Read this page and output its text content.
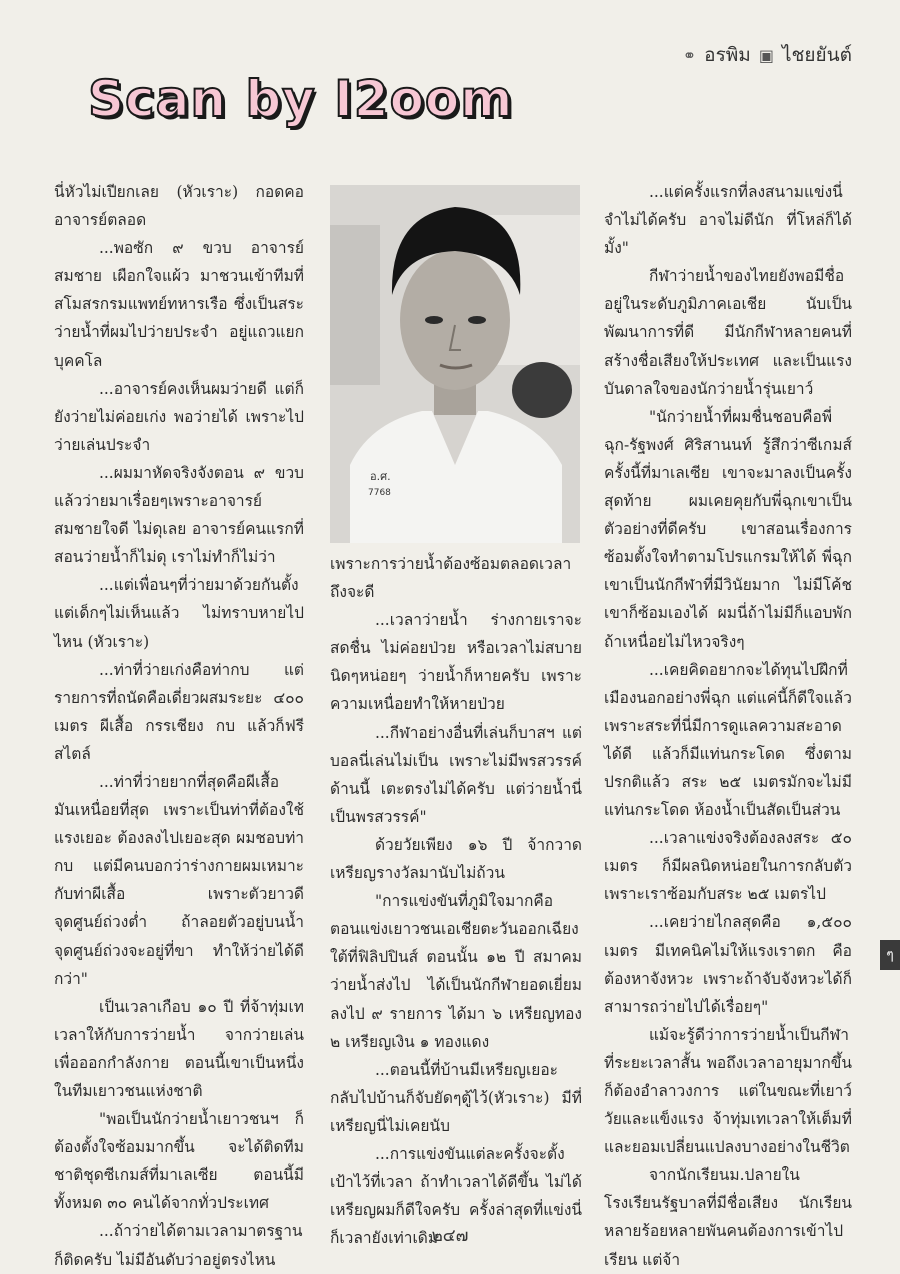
⚭ อรพิม ▣ ไชยยันต์
Scan by I2oom

นี่หัวไม่เปียกเลย (หัวเราะ) กอดคออาจารย์ตลอด

...พอซัก ๙ ขวบ อาจารย์สมชาย เผือกใจแผ้ว มาชวนเข้าทีมที่สโมสรกรมแพทย์ทหารเรือ ซึ่งเป็นสระว่ายน้ำที่ผมไปว่ายประจำ อยู่แถวแยกบุคคโล

...อาจารย์คงเห็นผมว่ายดี แต่ก็ยังว่ายไม่ค่อยเก่ง พอว่ายได้ เพราะไปว่ายเล่นประจำ

...ผมมาหัดจริงจังตอน ๙ ขวบ แล้วว่ายมาเรื่อยๆเพราะอาจารย์สมชายใจดี ไม่ดุเลย อาจารย์คนแรกที่สอนว่ายน้ำก็ไม่ดุ เราไม่ทำก็ไม่ว่า

...แต่เพื่อนๆที่ว่ายมาด้วยกันตั้งแต่เด็กๆไม่เห็นแล้ว ไม่ทราบหายไปไหน (หัวเราะ)

...ท่าที่ว่ายเก่งคือท่ากบ แต่รายการที่ถนัดคือเดี่ยวผสมระยะ ๔๐๐ เมตร ผีเสื้อ กรรเชียง กบ แล้วก็ฟรีสไตล์

...ท่าที่ว่ายยากที่สุดคือผีเสื้อ มันเหนื่อยที่สุด เพราะเป็นท่าที่ต้องใช้แรงเยอะ ต้องลงไปเยอะสุด ผมชอบท่ากบ แต่มีคนบอกว่าร่างกายผมเหมาะกับท่าผีเสื้อ เพราะตัวยาวดี จุดศูนย์ถ่วงต่ำ ถ้าลอยตัวอยู่บนน้ำจุดศูนย์ถ่วงจะอยู่ที่ขา ทำให้ว่ายได้ดีกว่า"

เป็นเวลาเกือบ ๑๐ ปี ที่จ้าทุ่มเทเวลาให้กับการว่ายน้ำ จากว่ายเล่นเพื่อออกกำลังกาย ตอนนี้เขาเป็นหนึ่งในทีมเยาวชนแห่งชาติ

"พอเป็นนักว่ายน้ำเยาวชนฯ ก็ต้องตั้งใจซ้อมมากขึ้น จะได้ติดทีมชาติชุดซีเกมส์ที่มาเลเซีย ตอนนี้มีทั้งหมด ๓๐ คนได้จากทั่วประเทศ

...ถ้าว่ายได้ตามเวลามาตรฐานก็ติดครับ ไม่มีอันดับว่าอยู่ตรงไหน

อ.ศ.
7768

เพราะการว่ายน้ำต้องซ้อมตลอดเวลาถึงจะดี

...เวลาว่ายน้ำ ร่างกายเราจะสดชื่น ไม่ค่อยป่วย หรือเวลาไม่สบายนิดๆหน่อยๆ ว่ายน้ำก็หายครับ เพราะความเหนื่อยทำให้หายป่วย

...กีฬาอย่างอื่นที่เล่นก็บาสฯ แต่บอลนี่เล่นไม่เป็น เพราะไม่มีพรสวรรค์ด้านนี้ เตะตรงไม่ได้ครับ แต่ว่ายน้ำนี่เป็นพรสวรรค์"

ด้วยวัยเพียง ๑๖ ปี จ้ากวาดเหรียญรางวัลมานับไม่ถ้วน

"การแข่งขันที่ภูมิใจมากคือตอนแข่งเยาวชนเอเชียตะวันออกเฉียงใต้ที่ฟิลิปปินส์ ตอนนั้น ๑๒ ปี สมาคมว่ายน้ำส่งไป ได้เป็นนักกีฬายอดเยี่ยม ลงไป ๙ รายการ ได้มา ๖ เหรียญทอง ๒ เหรียญเงิน ๑ ทองแดง

...ตอนนี้ที่บ้านมีเหรียญเยอะกลับไปบ้านก็จับยัดๆตู้ไว้(หัวเราะ) มีที่เหรียญนี่ไม่เคยนับ

...การแข่งขันแต่ละครั้งจะตั้งเป้าไว้ที่เวลา ถ้าทำเวลาได้ดีขึ้น ไม่ได้เหรียญผมก็ดีใจครับ ครั้งล่าสุดที่แข่งนี่ก็เวลายังเท่าเดิม

...แต่ครั้งแรกที่ลงสนามแข่งนี่จำไม่ได้ครับ อาจไม่ดีนัก ที่โหล่ก็ได้มั้ง"

กีฬาว่ายน้ำของไทยยังพอมีชื่ออยู่ในระดับภูมิภาคเอเชีย นับเป็นพัฒนาการที่ดี มีนักกีฬาหลายคนที่สร้างชื่อเสียงให้ประเทศ และเป็นแรงบันดาลใจของนักว่ายน้ำรุ่นเยาว์

"นักว่ายน้ำที่ผมชื่นชอบคือพี่ฉุก-รัฐพงศ์ ศิริสานนท์ รู้สึกว่าซีเกมส์ครั้งนี้ที่มาเลเซีย เขาจะมาลงเป็นครั้งสุดท้าย ผมเคยคุยกับพี่ฉุกเขาเป็นตัวอย่างที่ดีครับ เขาสอนเรื่องการซ้อมตั้งใจทำตามโปรแกรมให้ได้ พี่ฉุกเขาเป็นนักกีฬาที่มีวินัยมาก ไม่มีโค้ชเขาก็ซ้อมเองได้ ผมนี่ถ้าไม่มีก็แอบพักถ้าเหนื่อยไม่ไหวจริงๆ

...เคยคิดอยากจะได้ทุนไปฝึกที่เมืองนอกอย่างพี่ฉุก แต่แค่นี้ก็ดีใจแล้ว เพราะสระที่นี่มีการดูแลความสะอาดได้ดี แล้วก็มีแท่นกระโดด ซึ่งตามปรกติแล้ว สระ ๒๕ เมตรมักจะไม่มีแท่นกระโดด ห้องน้ำเป็นสัดเป็นส่วน

...เวลาแข่งจริงต้องลงสระ ๕๐ เมตร ก็มีผลนิดหน่อยในการกลับตัว เพราะเราซ้อมกับสระ ๒๕ เมตรไป

...เคยว่ายไกลสุดคือ ๑,๕๐๐ เมตร มีเทคนิคไม่ให้แรงเราตก คือต้องหาจังหวะ เพราะถ้าจับจังหวะได้ก็สามารถว่ายไปได้เรื่อยๆ"

แม้จะรู้ดีว่าการว่ายน้ำเป็นกีฬาที่ระยะเวลาสั้น พอถึงเวลาอายุมากขึ้นก็ต้องอำลาวงการ แต่ในขณะที่เยาว์วัยและแข็งแรง จ้าทุ่มเทเวลาให้เต็มที่และยอมเปลี่ยนแปลงบางอย่างในชีวิต

จากนักเรียนม.ปลายในโรงเรียนรัฐบาลที่มีชื่อเสียง นักเรียนหลายร้อยหลายพันคนต้องการเข้าไปเรียน แต่จ้า

ๆ
๒๔๗
